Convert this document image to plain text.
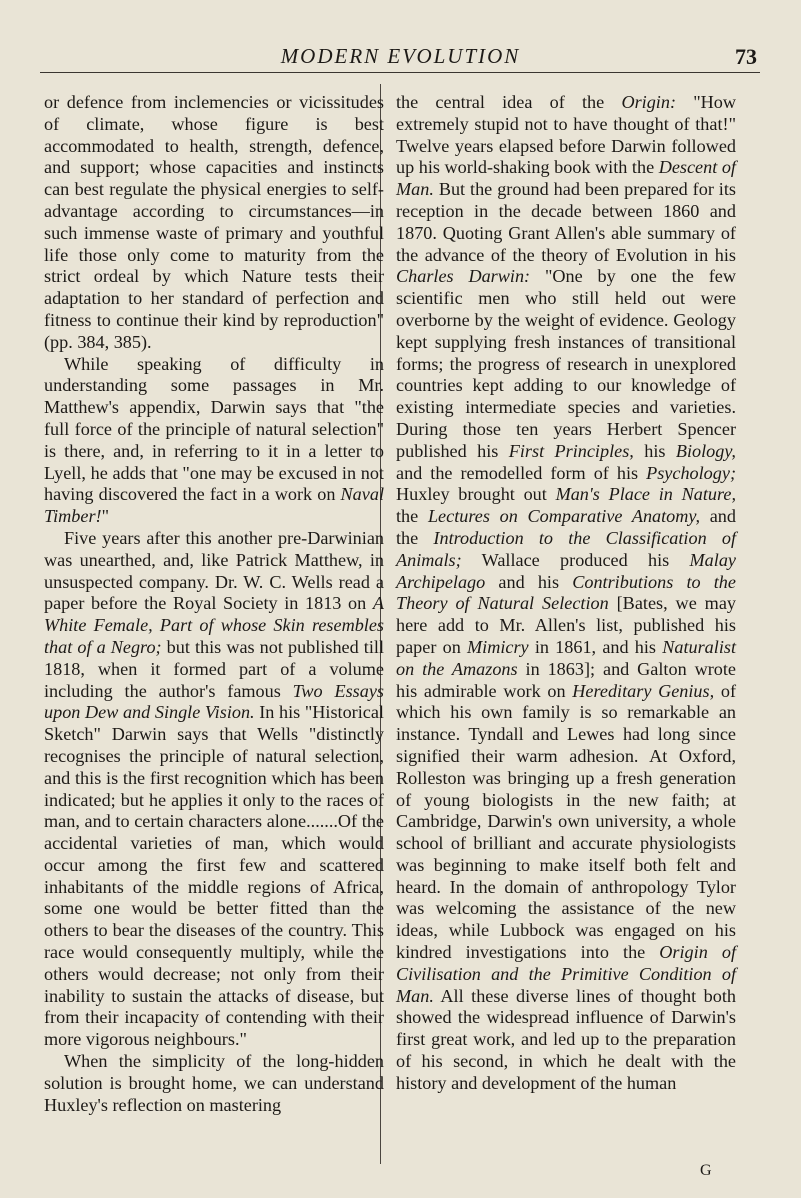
MODERN EVOLUTION	73

or defence from inclemencies or vicissitudes of climate, whose figure is best accommodated to health, strength, defence, and support; whose capacities and instincts can best regulate the physical energies to self-advantage according to circumstances—in such immense waste of primary and youthful life those only come to maturity from the strict ordeal by which Nature tests their adaptation to her standard of perfection and fitness to continue their kind by reproduction" (pp. 384, 385).

While speaking of difficulty in understanding some passages in Mr. Matthew's appendix, Darwin says that "the full force of the principle of natural selection" is there, and, in referring to it in a letter to Lyell, he adds that "one may be excused in not having discovered the fact in a work on Naval Timber!"

Five years after this another pre-Darwinian was unearthed, and, like Patrick Matthew, in unsuspected company. Dr. W. C. Wells read a paper before the Royal Society in 1813 on A White Female, Part of whose Skin resembles that of a Negro; but this was not published till 1818, when it formed part of a volume including the author's famous Two Essays upon Dew and Single Vision. In his "Historical Sketch" Darwin says that Wells "distinctly recognises the principle of natural selection, and this is the first recognition which has been indicated; but he applies it only to the races of man, and to certain characters alone.......Of the accidental varieties of man, which would occur among the first few and scattered inhabitants of the middle regions of Africa, some one would be better fitted than the others to bear the diseases of the country. This race would consequently multiply, while the others would decrease; not only from their inability to sustain the attacks of disease, but from their incapacity of contending with their more vigorous neighbours."

When the simplicity of the long-hidden solution is brought home, we can understand Huxley's reflection on mastering

the central idea of the Origin: "How extremely stupid not to have thought of that!" Twelve years elapsed before Darwin followed up his world-shaking book with the Descent of Man. But the ground had been prepared for its reception in the decade between 1860 and 1870. Quoting Grant Allen's able summary of the advance of the theory of Evolution in his Charles Darwin: "One by one the few scientific men who still held out were overborne by the weight of evidence. Geology kept supplying fresh instances of transitional forms; the progress of research in unexplored countries kept adding to our knowledge of existing intermediate species and varieties. During those ten years Herbert Spencer published his First Principles, his Biology, and the remodelled form of his Psychology; Huxley brought out Man's Place in Nature, the Lectures on Comparative Anatomy, and the Introduction to the Classification of Animals; Wallace produced his Malay Archipelago and his Contributions to the Theory of Natural Selection [Bates, we may here add to Mr. Allen's list, published his paper on Mimicry in 1861, and his Naturalist on the Amazons in 1863]; and Galton wrote his admirable work on Hereditary Genius, of which his own family is so remarkable an instance. Tyndall and Lewes had long since signified their warm adhesion. At Oxford, Rolleston was bringing up a fresh generation of young biologists in the new faith; at Cambridge, Darwin's own university, a whole school of brilliant and accurate physiologists was beginning to make itself both felt and heard. In the domain of anthropology Tylor was welcoming the assistance of the new ideas, while Lubbock was engaged on his kindred investigations into the Origin of Civilisation and the Primitive Condition of Man. All these diverse lines of thought both showed the widespread influence of Darwin's first great work, and led up to the preparation of his second, in which he dealt with the history and development of the human

G
